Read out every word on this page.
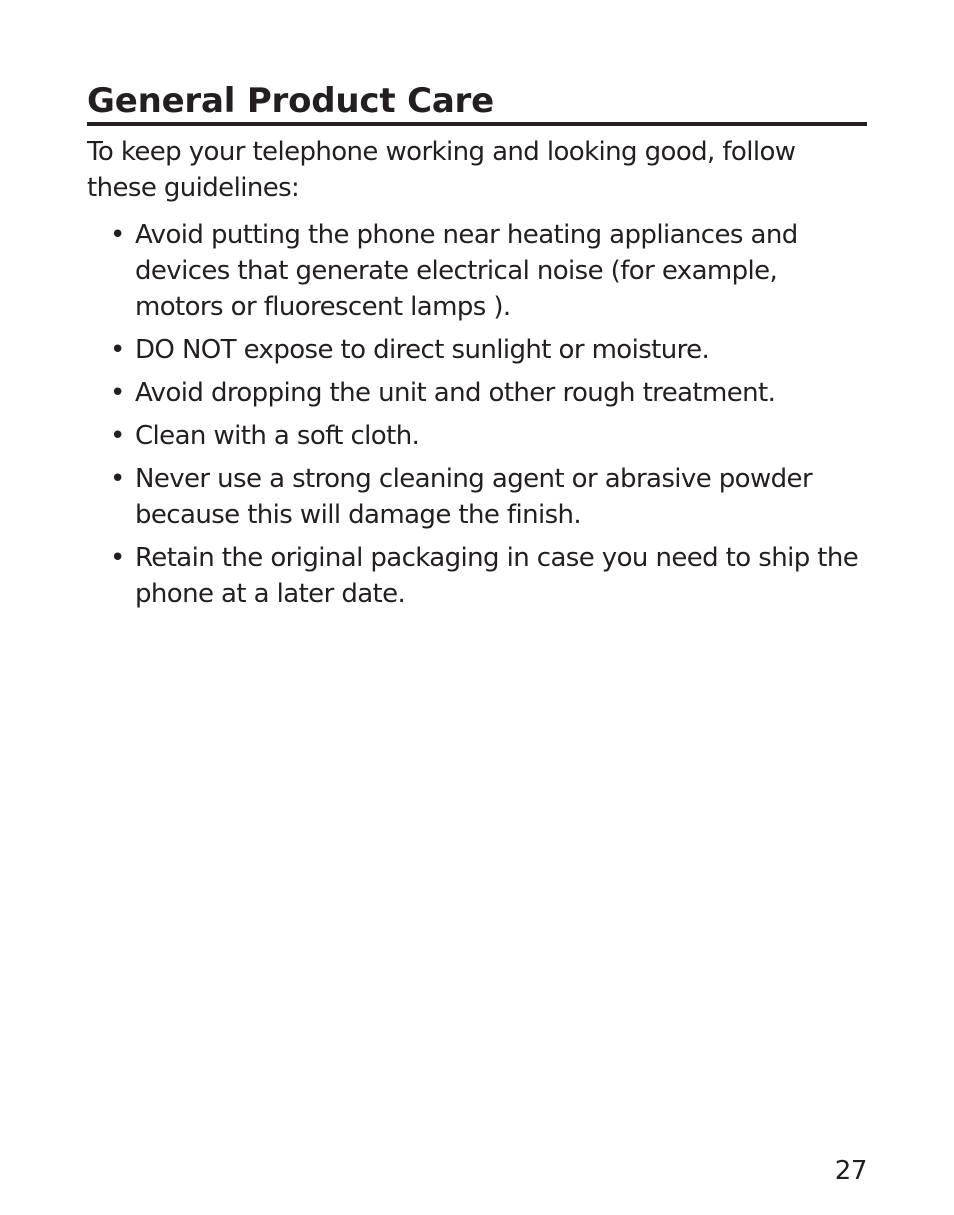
General Product Care

To keep your telephone working and looking good, follow these guidelines:

• Avoid putting the phone near heating appliances and devices that generate electrical noise (for example, motors or fluorescent lamps ).
• DO NOT expose to direct sunlight or moisture.
• Avoid dropping the unit and other rough treatment.
• Clean with a soft cloth.
• Never use a strong cleaning agent or abrasive powder because this will damage the finish.
• Retain the original packaging in case you need to ship the phone at a later date.
27
